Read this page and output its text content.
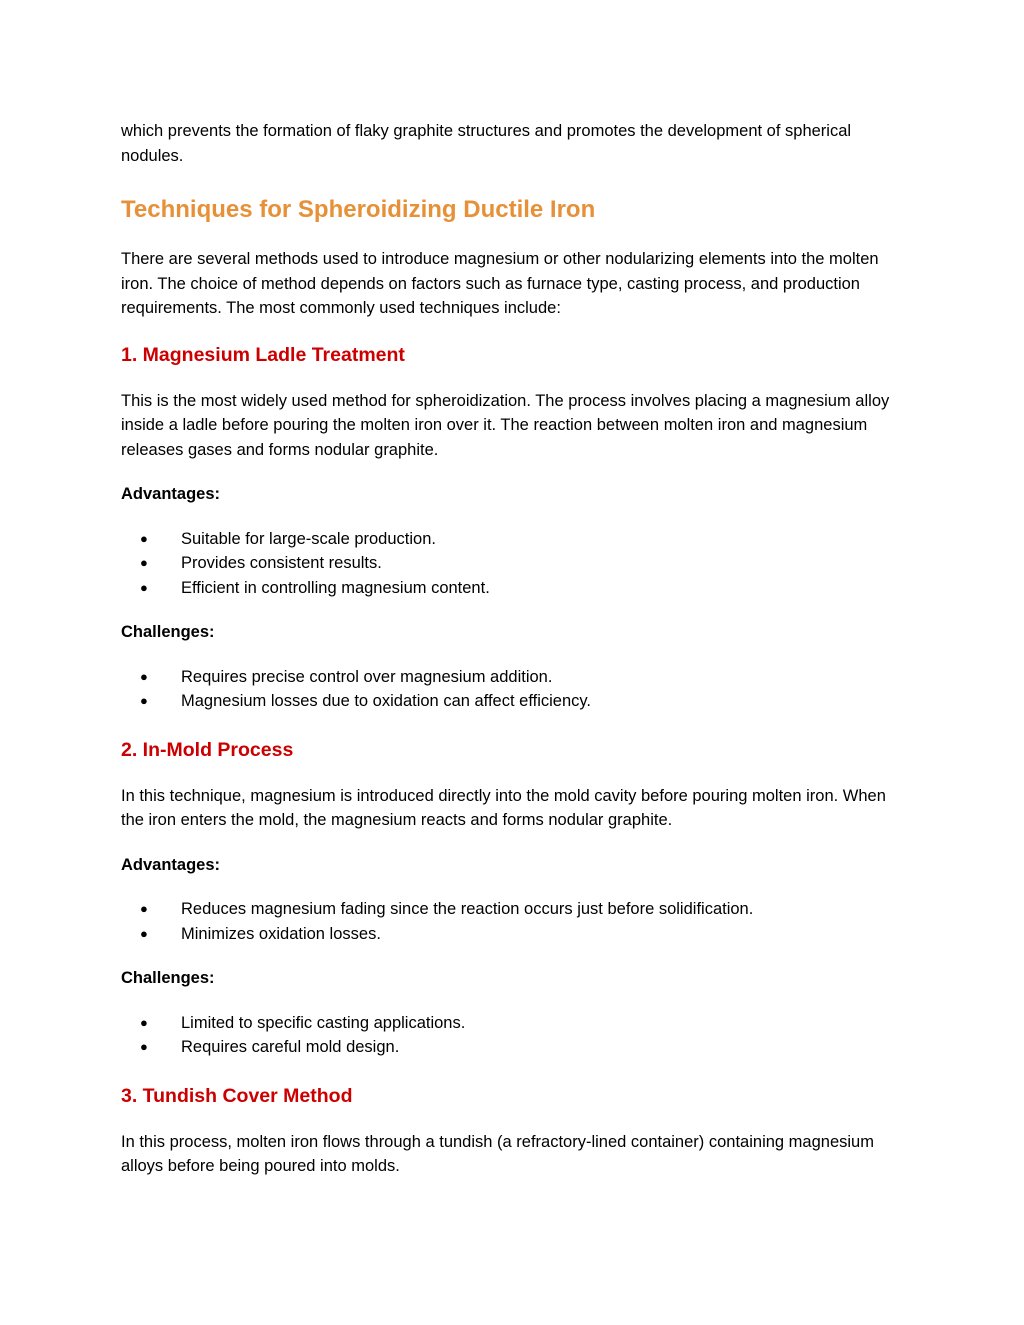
which prevents the formation of flaky graphite structures and promotes the development of spherical nodules.

Techniques for Spheroidizing Ductile Iron

There are several methods used to introduce magnesium or other nodularizing elements into the molten iron. The choice of method depends on factors such as furnace type, casting process, and production requirements. The most commonly used techniques include:

1. Magnesium Ladle Treatment

This is the most widely used method for spheroidization. The process involves placing a magnesium alloy inside a ladle before pouring the molten iron over it. The reaction between molten iron and magnesium releases gases and forms nodular graphite.

Advantages:

● Suitable for large-scale production.
● Provides consistent results.
● Efficient in controlling magnesium content.

Challenges:

● Requires precise control over magnesium addition.
● Magnesium losses due to oxidation can affect efficiency.
2. In-Mold Process

In this technique, magnesium is introduced directly into the mold cavity before pouring molten iron. When the iron enters the mold, the magnesium reacts and forms nodular graphite.

Advantages:

● Reduces magnesium fading since the reaction occurs just before solidification.
● Minimizes oxidation losses.

Challenges:

● Limited to specific casting applications.
● Requires careful mold design.
3. Tundish Cover Method

In this process, molten iron flows through a tundish (a refractory-lined container) containing magnesium alloys before being poured into molds.
